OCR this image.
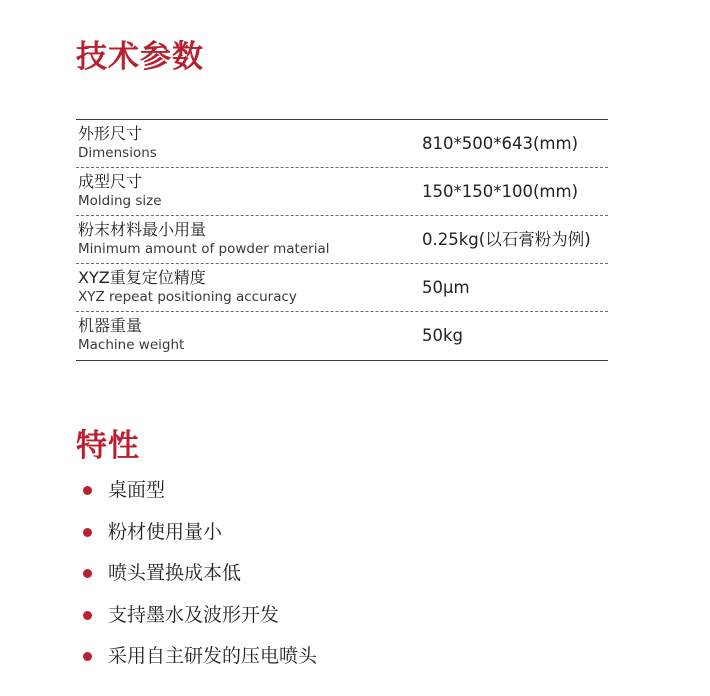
技术参数
外形尺寸
Dimensions	810*500*643(mm)
成型尺寸
Molding size	150*150*100(mm)
粉末材料最小用量
Minimum amount of powder material	0.25kg(以石膏粉为例)
XYZ重复定位精度
XYZ repeat positioning accuracy	50μm
机器重量
Machine weight	50kg
特性
桌面型
粉材使用量小
喷头置换成本低
支持墨水及波形开发
采用自主研发的压电喷头
